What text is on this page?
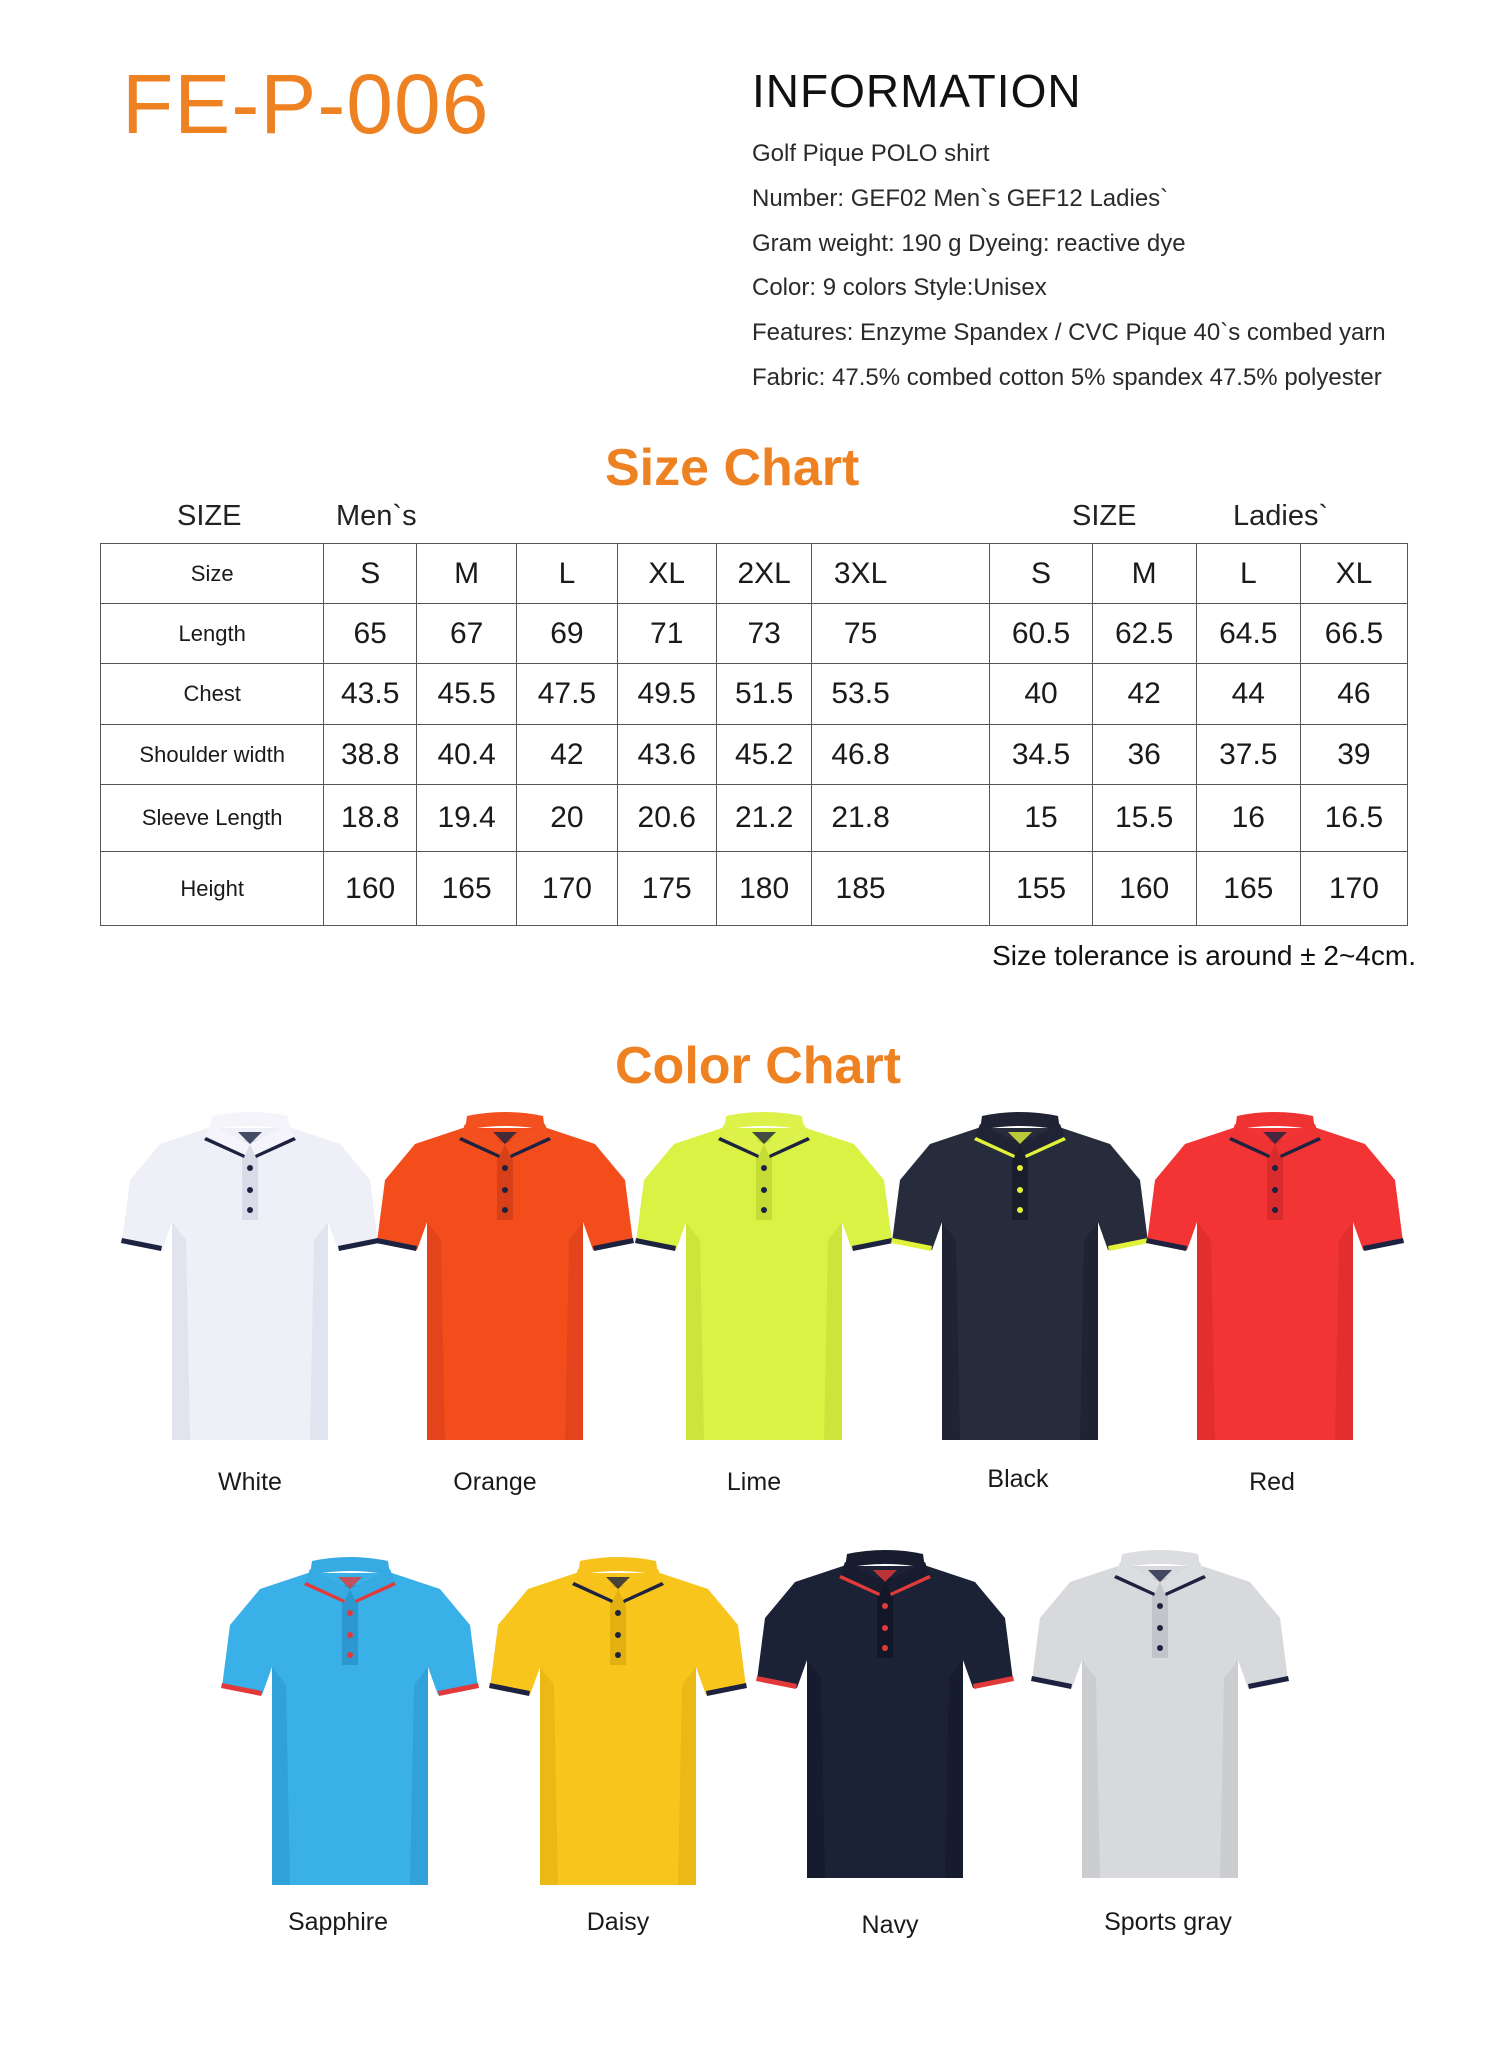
FE-P-006	INFORMATION
Golf Pique POLO shirt
Number: GEF02 Men`s GEF12 Ladies`
Gram weight: 190 g Dyeing: reactive dye
Color: 9 colors Style:Unisex
Features: Enzyme Spandex / CVC Pique 40`s combed yarn
Fabric: 47.5% combed cotton 5% spandex 47.5% polyester
Size Chart
SIZE	Men`s	SIZE	Ladies`
Size	S	M	L	XL	2XL	3XL		S	M	L	XL
Length	65	67	69	71	73	75		60.5	62.5	64.5	66.5
Chest	43.5	45.5	47.5	49.5	51.5	53.5		40	42	44	46
Shoulder width	38.8	40.4	42	43.6	45.2	46.8		34.5	36	37.5	39
Sleeve Length	18.8	19.4	20	20.6	21.2	21.8		15	15.5	16	16.5
Height	160	165	170	175	180	185		155	160	165	170
Size tolerance is around ± 2~4cm.
Color Chart
White	Orange	Lime	Black	Red
Sapphire	Daisy	Navy	Sports gray
